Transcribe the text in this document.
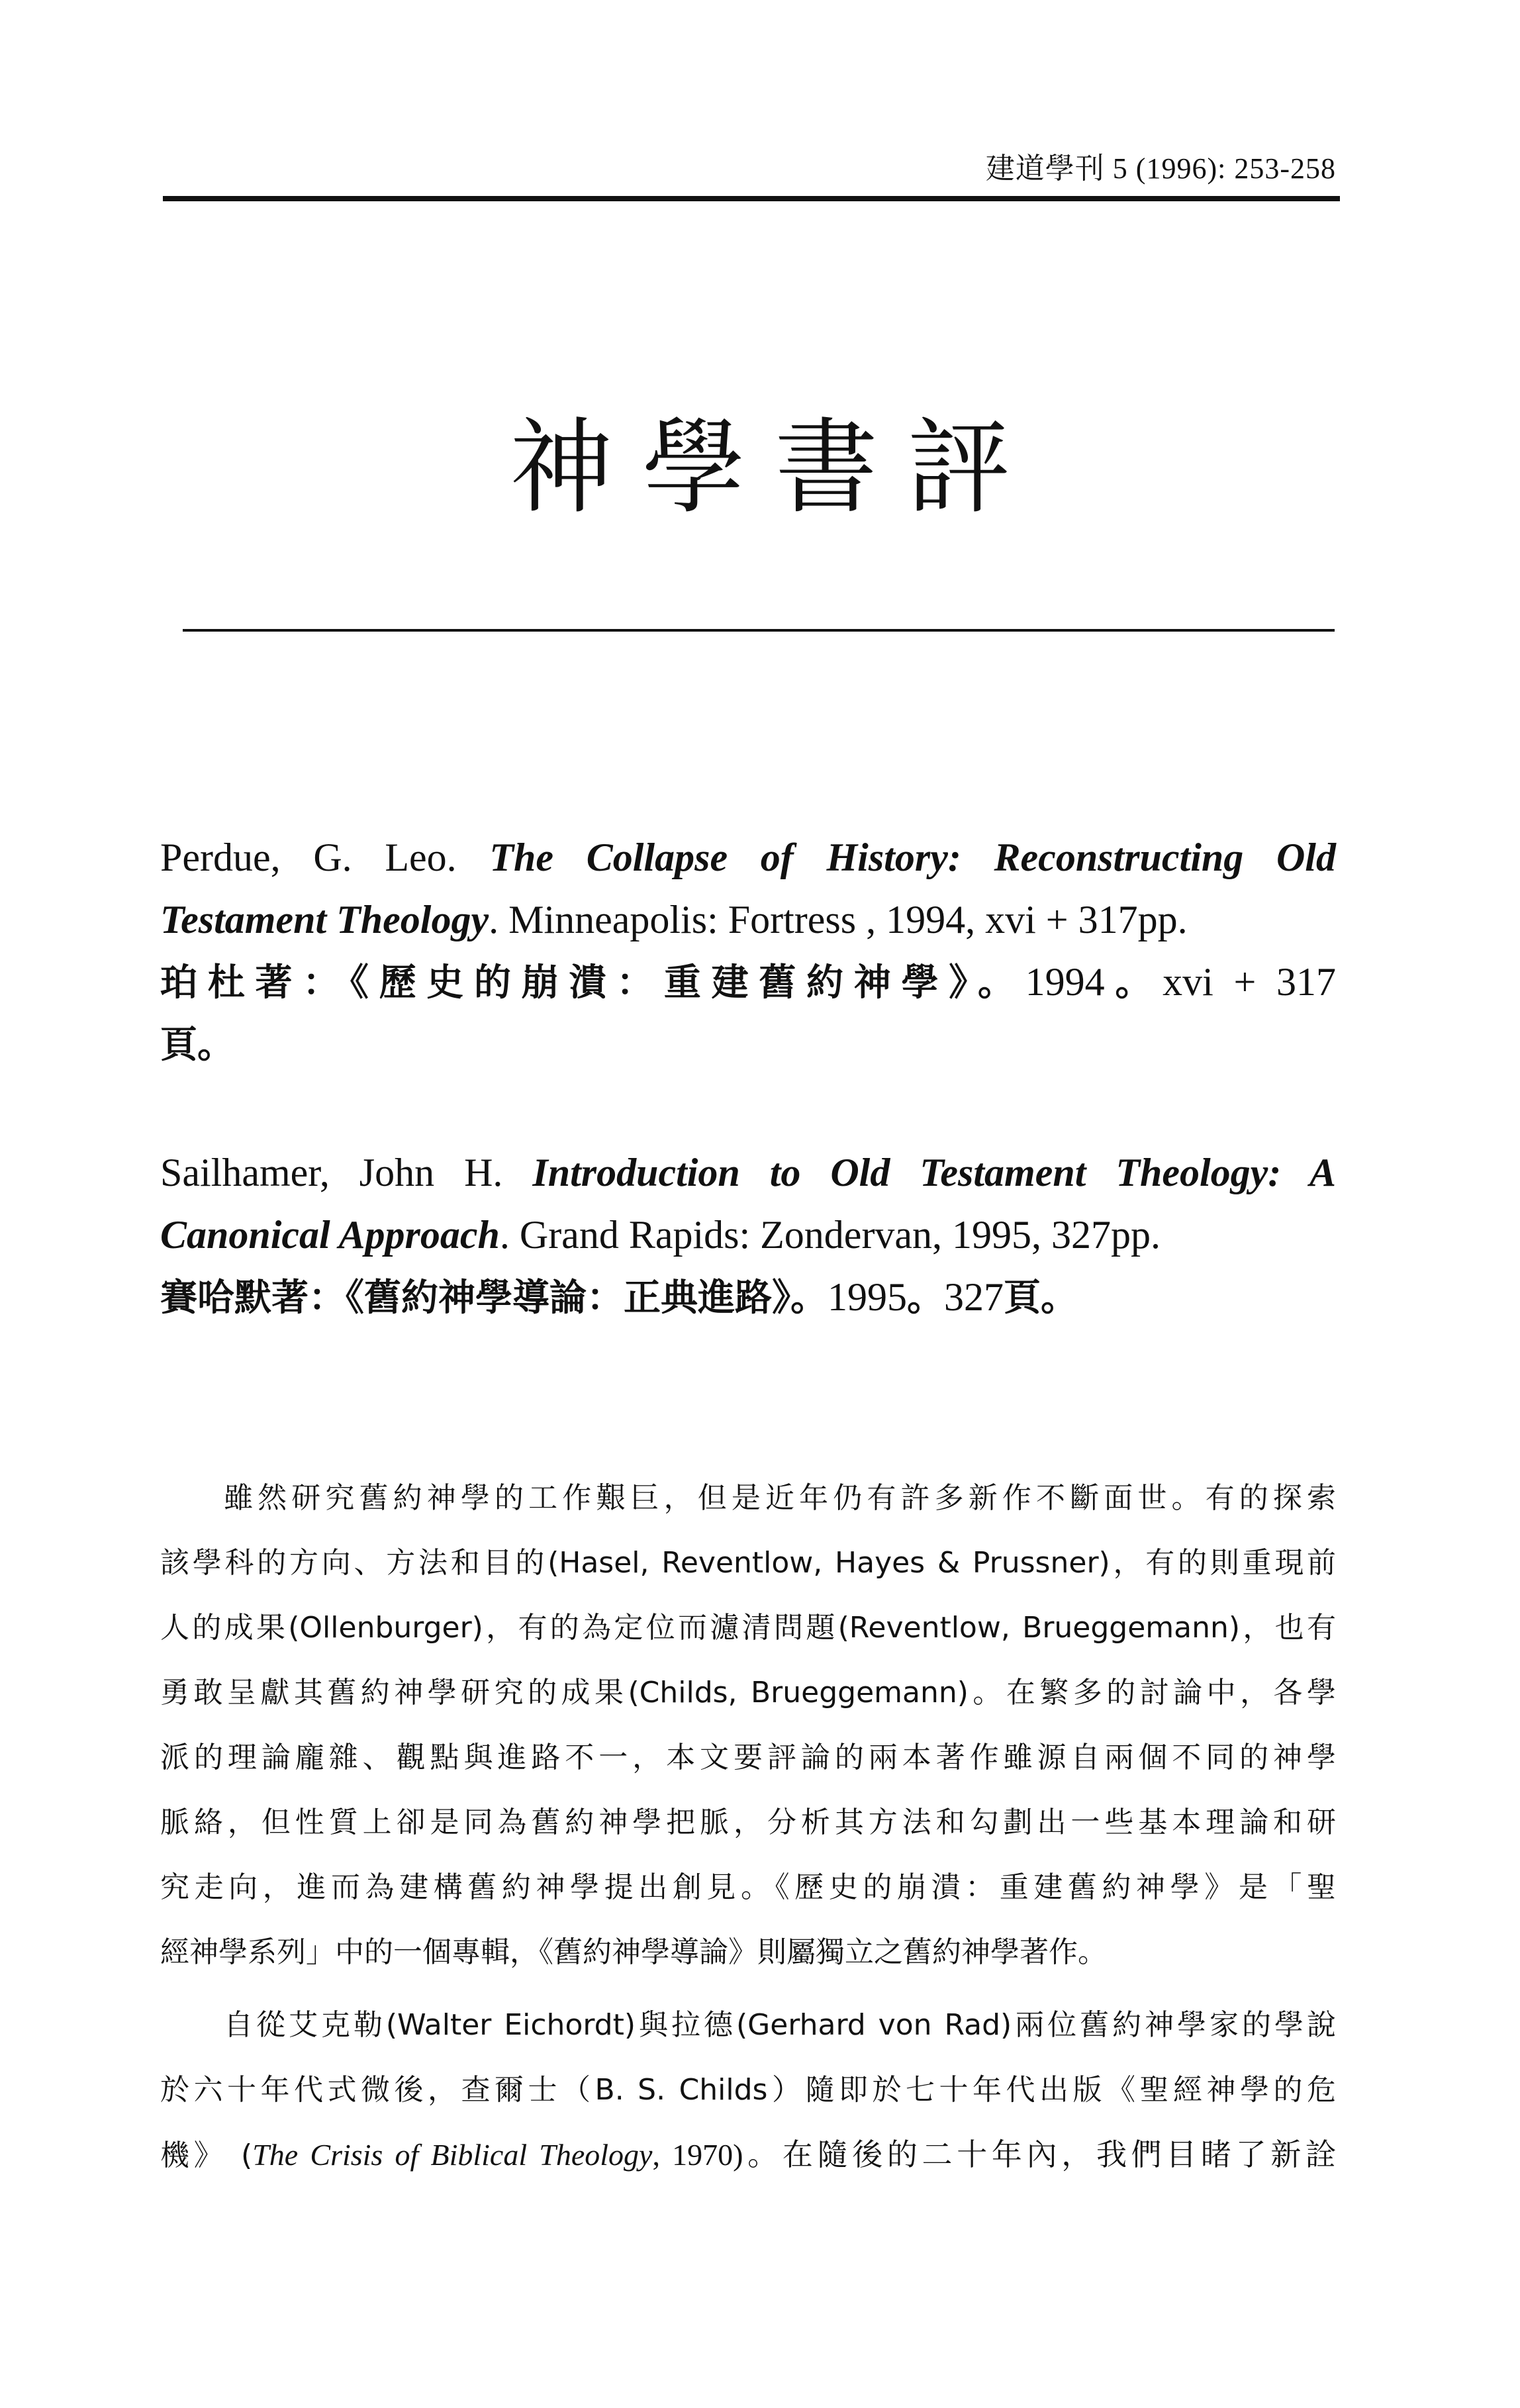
建道學刊 5 (1996): 253-258
神學書評
Perdue, G. Leo. The Collapse of History: Reconstructing Old
Testament Theology. Minneapolis: Fortress , 1994, xvi + 317pp.
珀杜著：《歷史的崩潰：重建舊約神學》。1994。xvi + 317
頁。
Sailhamer, John H. Introduction to Old Testament Theology: A
Canonical Approach. Grand Rapids: Zondervan, 1995, 327pp.
賽哈默著：《舊約神學導論：正典進路》。1995。327頁。
雖然研究舊約神學的工作艱巨，但是近年仍有許多新作不斷面世。有的探索
該學科的方向、方法和目的(Hasel, Reventlow, Hayes & Prussner)，有的則重現前
人的成果(Ollenburger)，有的為定位而濾清問題(Reventlow, Brueggemann)，也有
勇敢呈獻其舊約神學研究的成果(Childs, Brueggemann)。在繁多的討論中，各學
派的理論龐雜、觀點與進路不一，本文要評論的兩本著作雖源自兩個不同的神學
脈絡，但性質上卻是同為舊約神學把脈，分析其方法和勾劃出一些基本理論和研
究走向，進而為建構舊約神學提出創見。《歷史的崩潰：重建舊約神學》是「聖
經神學系列」中的一個專輯，《舊約神學導論》則屬獨立之舊約神學著作。
自從艾克勒(Walter Eichordt)與拉德(Gerhard von Rad)兩位舊約神學家的學說
於六十年代式微後，查爾士（B. S. Childs）隨即於七十年代出版《聖經神學的危
機》 (The Crisis of Biblical Theology, 1970)。在隨後的二十年內，我們目睹了新詮
